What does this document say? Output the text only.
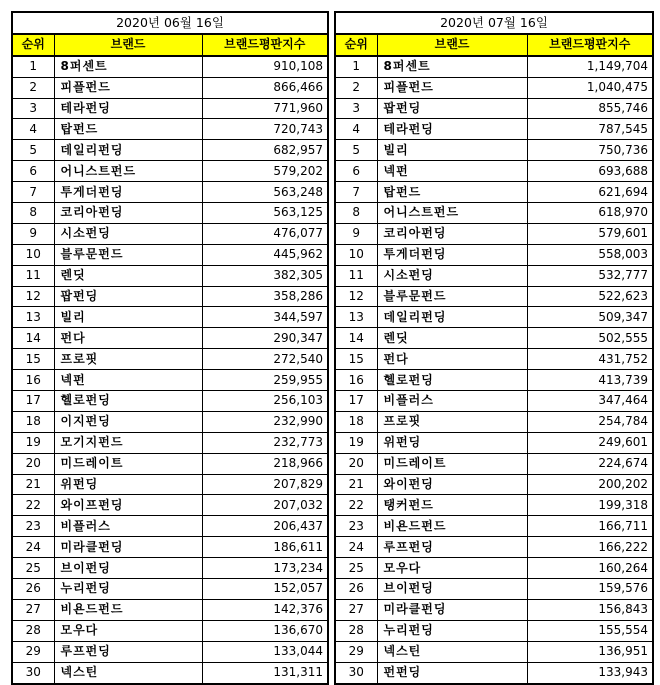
2020년 06월 16일		
순위	브랜드	브랜드평판지수
1	8퍼센트	910,108
2	피플펀드	866,466
3	테라펀딩	771,960
4	탑펀드	720,743
5	데일리펀딩	682,957
6	어니스트펀드	579,202
7	투게더펀딩	563,248
8	코리아펀딩	563,125
9	시소펀딩	476,077
10	블루문펀드	445,962
11	렌딧	382,305
12	팝펀딩	358,286
13	빌리	344,597
14	펀다	290,347
15	프로핏	272,540
16	넥펀	259,955
17	헬로펀딩	256,103
18	이지펀딩	232,990
19	모기지펀드	232,773
20	미드레이트	218,966
21	위펀딩	207,829
22	와이프펀딩	207,032
23	비플러스	206,437
24	미라클펀딩	186,611
25	브이펀딩	173,234
26	누리펀딩	152,057
27	비욘드펀드	142,376
28	모우다	136,670
29	루프펀딩	133,044
30	넥스틴	131,311
2020년 07월 16일		
순위	브랜드	브랜드평판지수
1	8퍼센트	1,149,704
2	피플펀드	1,040,475
3	팝펀딩	855,746
4	테라펀딩	787,545
5	빌리	750,736
6	넥펀	693,688
7	탑펀드	621,694
8	어니스트펀드	618,970
9	코리아펀딩	579,601
10	투게더펀딩	558,003
11	시소펀딩	532,777
12	블루문펀드	522,623
13	데일리펀딩	509,347
14	렌딧	502,555
15	펀다	431,752
16	헬로펀딩	413,739
17	비플러스	347,464
18	프로핏	254,784
19	위펀딩	249,601
20	미드레이트	224,674
21	와이펀딩	200,202
22	탱커펀드	199,318
23	비욘드펀드	166,711
24	루프펀딩	166,222
25	모우다	160,264
26	브이펀딩	159,576
27	미라클펀딩	156,843
28	누리펀딩	155,554
29	넥스틴	136,951
30	펀펀딩	133,943
